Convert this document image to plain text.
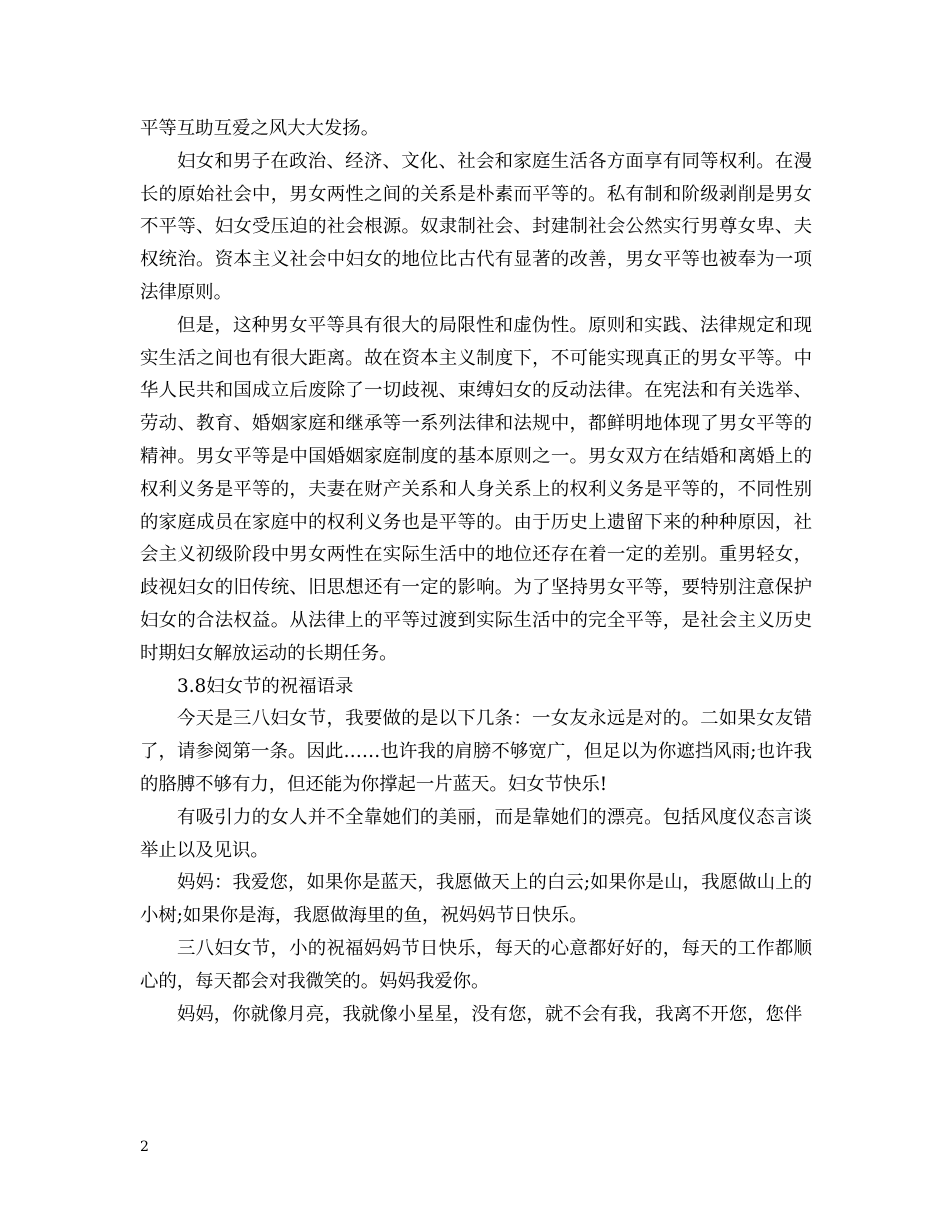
平等互助互爱之风大大发扬。

妇女和男子在政治、经济、文化、社会和家庭生活各方面享有同等权利。在漫长的原始社会中，男女两性之间的关系是朴素而平等的。私有制和阶级剥削是男女不平等、妇女受压迫的社会根源。奴隶制社会、封建制社会公然实行男尊女卑、夫权统治。资本主义社会中妇女的地位比古代有显著的改善，男女平等也被奉为一项法律原则。

但是，这种男女平等具有很大的局限性和虚伪性。原则和实践、法律规定和现实生活之间也有很大距离。故在资本主义制度下，不可能实现真正的男女平等。中华人民共和国成立后废除了一切歧视、束缚妇女的反动法律。在宪法和有关选举、劳动、教育、婚姻家庭和继承等一系列法律和法规中，都鲜明地体现了男女平等的精神。男女平等是中国婚姻家庭制度的基本原则之一。男女双方在结婚和离婚上的权利义务是平等的，夫妻在财产关系和人身关系上的权利义务是平等的，不同性别的家庭成员在家庭中的权利义务也是平等的。由于历史上遗留下来的种种原因，社会主义初级阶段中男女两性在实际生活中的地位还存在着一定的差别。重男轻女，歧视妇女的旧传统、旧思想还有一定的影响。为了坚持男女平等，要特别注意保护妇女的合法权益。从法律上的平等过渡到实际生活中的完全平等，是社会主义历史时期妇女解放运动的长期任务。

3.8妇女节的祝福语录

今天是三八妇女节，我要做的是以下几条：一女友永远是对的。二如果女友错了，请参阅第一条。因此……也许我的肩膀不够宽广，但足以为你遮挡风雨;也许我的胳膊不够有力，但还能为你撑起一片蓝天。妇女节快乐!

有吸引力的女人并不全靠她们的美丽，而是靠她们的漂亮。包括风度仪态言谈举止以及见识。

妈妈：我爱您，如果你是蓝天，我愿做天上的白云;如果你是山，我愿做山上的小树;如果你是海，我愿做海里的鱼，祝妈妈节日快乐。

三八妇女节，小的祝福妈妈节日快乐，每天的心意都好好的，每天的工作都顺心的，每天都会对我微笑的。妈妈我爱你。

妈妈，你就像月亮，我就像小星星，没有您，就不会有我，我离不开您，您伴

2
